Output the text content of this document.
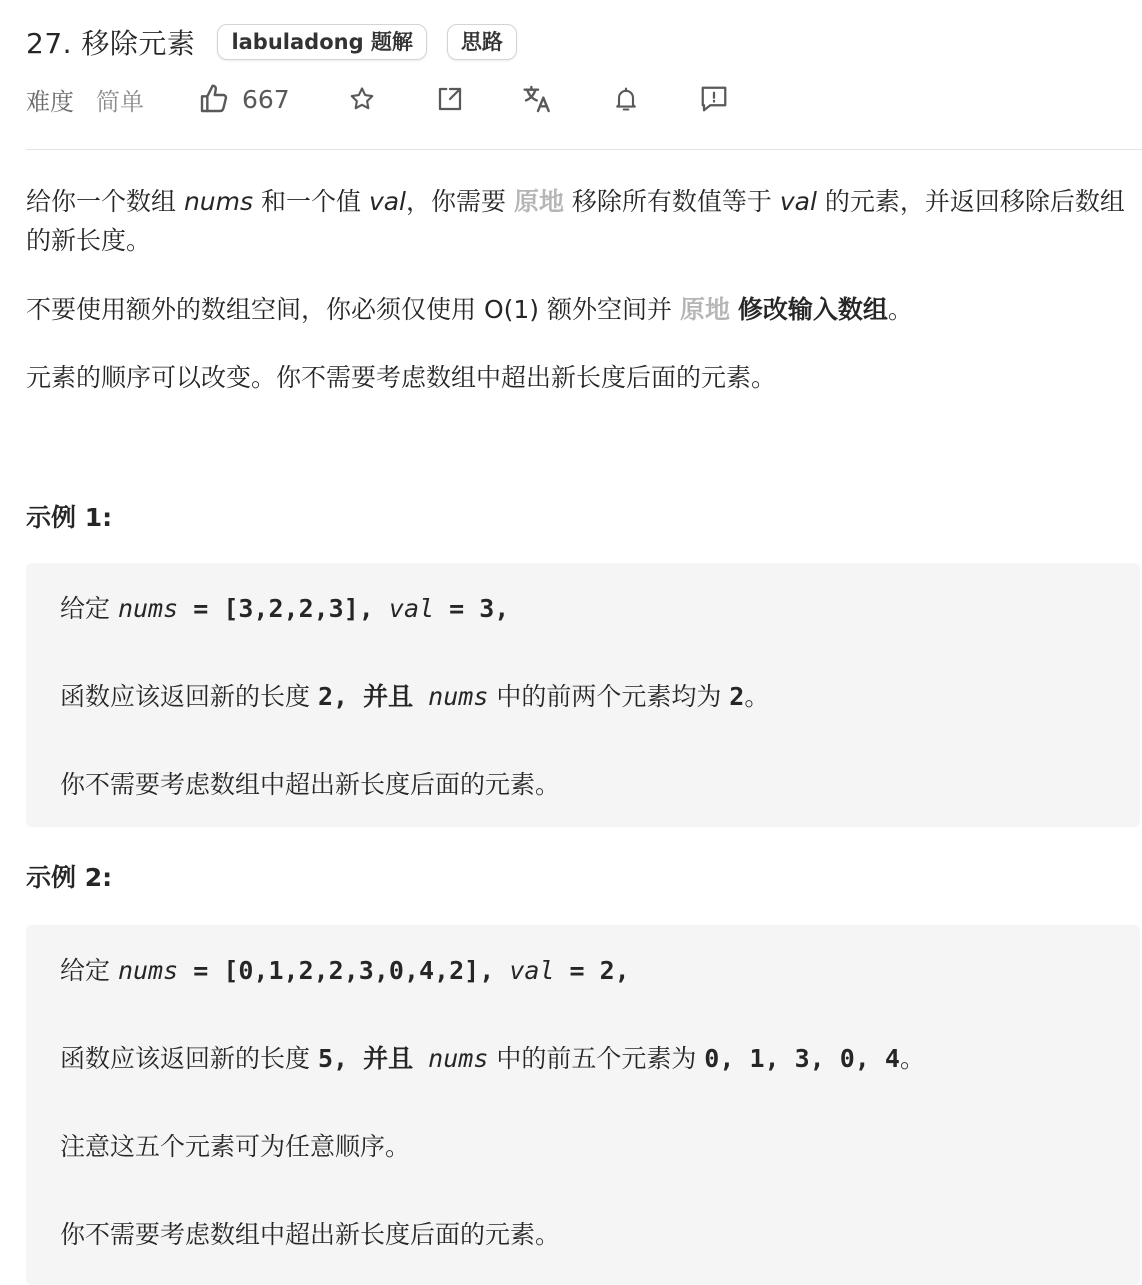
27. 移除元素	labuladong 题解	思路
难度 简单	667
给你一个数组 nums 和一个值 val，你需要 原地 移除所有数值等于 val 的元素，并返回移除后数组的新长度。
不要使用额外的数组空间，你必须仅使用 O(1) 额外空间并 原地 修改输入数组。
元素的顺序可以改变。你不需要考虑数组中超出新长度后面的元素。
示例 1:
给定 nums = [3,2,2,3], val = 3,
函数应该返回新的长度 2, 并且 nums 中的前两个元素均为 2。
你不需要考虑数组中超出新长度后面的元素。
示例 2:
给定 nums = [0,1,2,2,3,0,4,2], val = 2,
函数应该返回新的长度 5, 并且 nums 中的前五个元素为 0, 1, 3, 0, 4。
注意这五个元素可为任意顺序。
你不需要考虑数组中超出新长度后面的元素。
